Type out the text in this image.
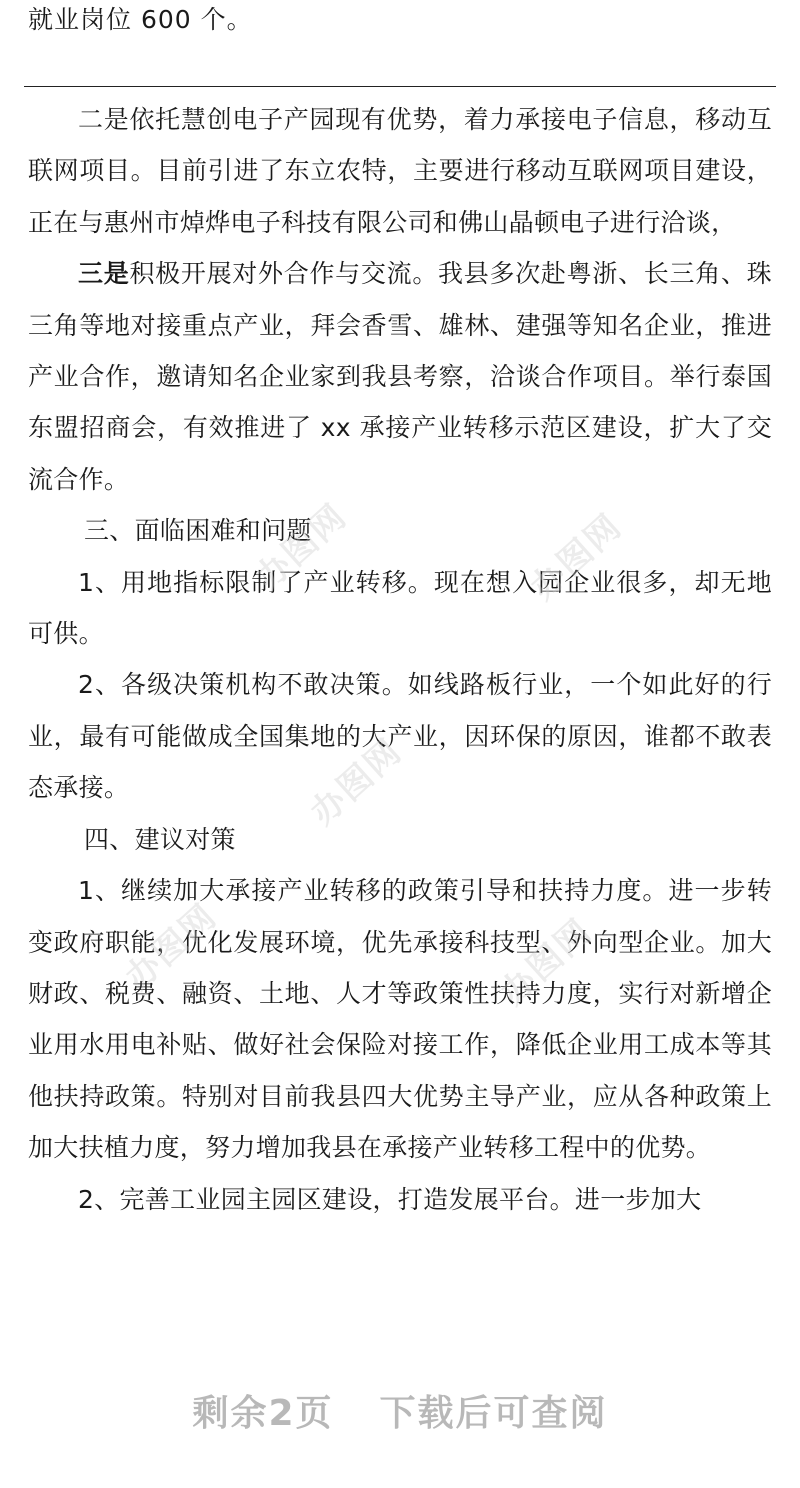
就业岗位 600 个。

二是依托慧创电子产园现有优势，着力承接电子信息，移动互联网项目。目前引进了东立农特，主要进行移动互联网项目建设，正在与惠州市焯烨电子科技有限公司和佛山晶顿电子进行洽谈，

三是积极开展对外合作与交流。我县多次赴粤浙、长三角、珠三角等地对接重点产业，拜会香雪、雄林、建强等知名企业，推进产业合作，邀请知名企业家到我县考察，洽谈合作项目。举行泰国东盟招商会，有效推进了 xx 承接产业转移示范区建设，扩大了交流合作。

三、面临困难和问题

1、用地指标限制了产业转移。现在想入园企业很多，却无地可供。

2、各级决策机构不敢决策。如线路板行业，一个如此好的行业，最有可能做成全国集地的大产业，因环保的原因，谁都不敢表态承接。

四、建议对策

1、继续加大承接产业转移的政策引导和扶持力度。进一步转变政府职能，优化发展环境，优先承接科技型、外向型企业。加大财政、税费、融资、土地、人才等政策性扶持力度，实行对新增企业用水用电补贴、做好社会保险对接工作，降低企业用工成本等其他扶持政策。特别对目前我县四大优势主导产业，应从各种政策上加大扶植力度，努力增加我县在承接产业转移工程中的优势。

2、完善工业园主园区建设，打造发展平台。进一步加大

办图网	办图网
办图网
办图网	办图网
剩余2页 下载后可查阅
